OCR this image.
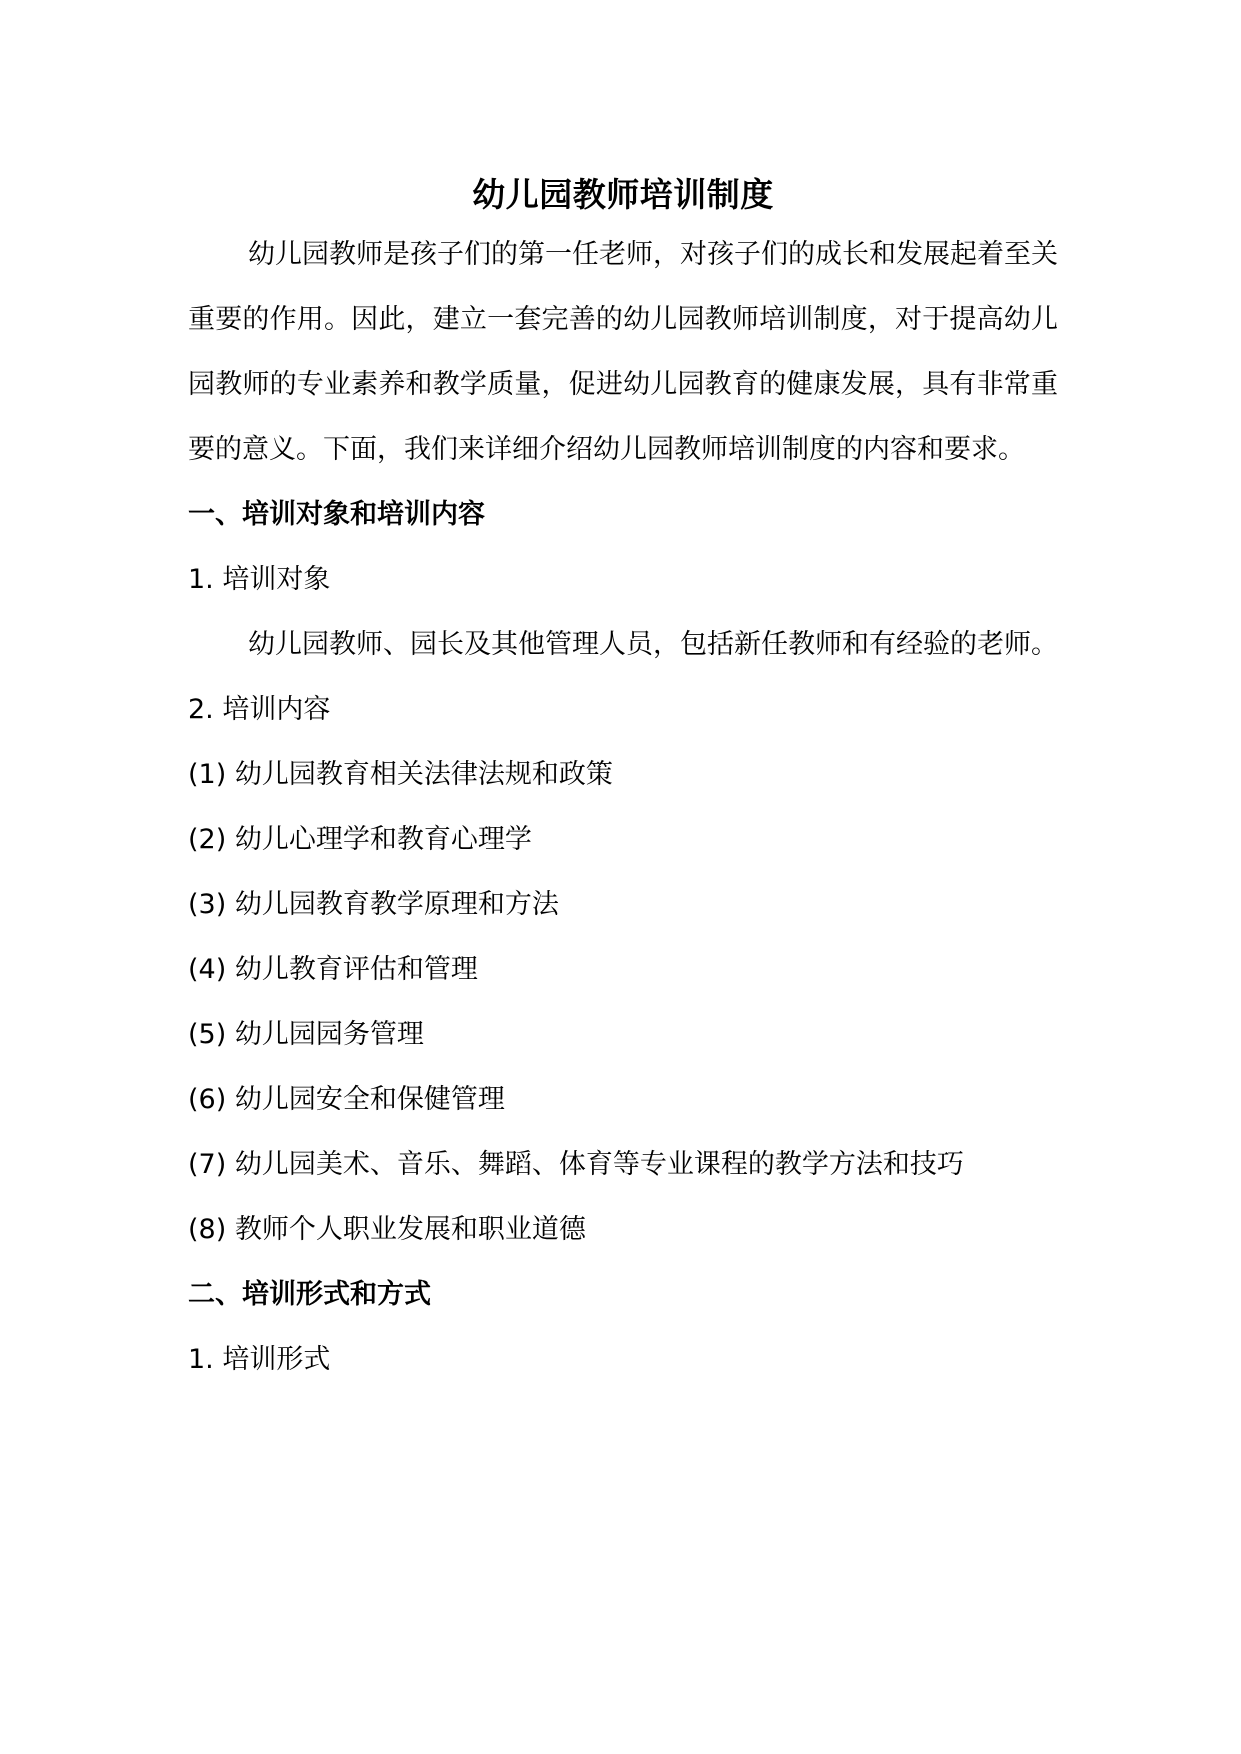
幼儿园教师培训制度

幼儿园教师是孩子们的第一任老师，对孩子们的成长和发展起着至关重要的作用。因此，建立一套完善的幼儿园教师培训制度，对于提高幼儿园教师的专业素养和教学质量，促进幼儿园教育的健康发展，具有非常重要的意义。下面，我们来详细介绍幼儿园教师培训制度的内容和要求。

一、培训对象和培训内容

1. 培训对象

幼儿园教师、园长及其他管理人员，包括新任教师和有经验的老师。

2. 培训内容

(1) 幼儿园教育相关法律法规和政策
(2) 幼儿心理学和教育心理学
(3) 幼儿园教育教学原理和方法
(4) 幼儿教育评估和管理
(5) 幼儿园园务管理
(6) 幼儿园安全和保健管理
(7) 幼儿园美术、音乐、舞蹈、体育等专业课程的教学方法和技巧
(8) 教师个人职业发展和职业道德

二、培训形式和方式

1. 培训形式
